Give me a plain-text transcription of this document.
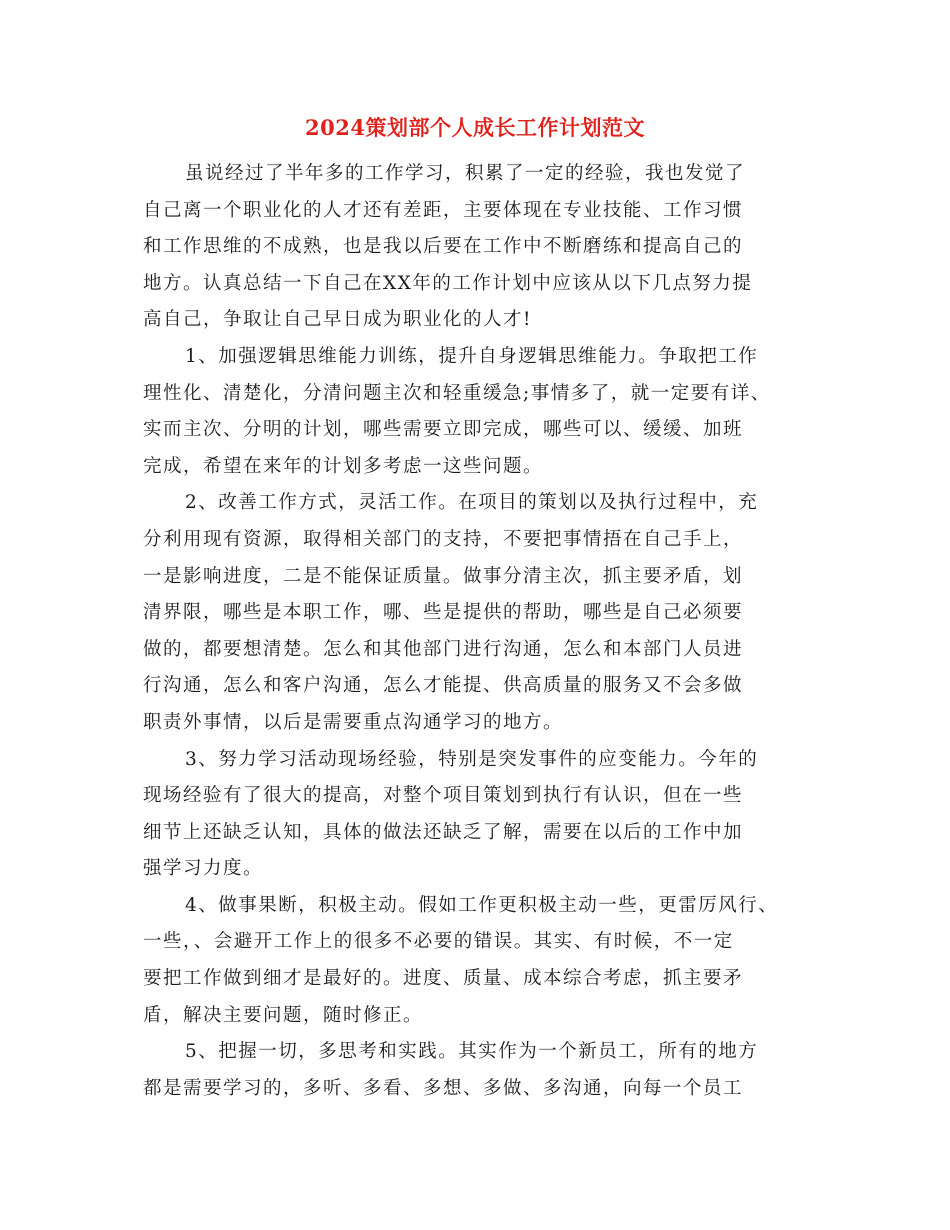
2024策划部个人成长工作计划范文
虽说经过了半年多的工作学习，积累了一定的经验，我也发觉了
自己离一个职业化的人才还有差距，主要体现在专业技能、工作习惯
和工作思维的不成熟，也是我以后要在工作中不断磨练和提高自己的
地方。认真总结一下自己在XX年的工作计划中应该从以下几点努力提
高自己，争取让自己早日成为职业化的人才!
1、加强逻辑思维能力训练，提升自身逻辑思维能力。争取把工作
理性化、清楚化，分清问题主次和轻重缓急;事情多了，就一定要有详、
实而主次、分明的计划，哪些需要立即完成，哪些可以、缓缓、加班
完成，希望在来年的计划多考虑一这些问题。
2、改善工作方式，灵活工作。在项目的策划以及执行过程中，充
分利用现有资源，取得相关部门的支持，不要把事情捂在自己手上，
一是影响进度，二是不能保证质量。做事分清主次，抓主要矛盾，划
清界限，哪些是本职工作，哪、些是提供的帮助，哪些是自己必须要
做的，都要想清楚。怎么和其他部门进行沟通，怎么和本部门人员进
行沟通，怎么和客户沟通，怎么才能提、供高质量的服务又不会多做
职责外事情，以后是需要重点沟通学习的地方。
3、努力学习活动现场经验，特别是突发事件的应变能力。今年的
现场经验有了很大的提高，对整个项目策划到执行有认识，但在一些
细节上还缺乏认知，具体的做法还缺乏了解，需要在以后的工作中加
强学习力度。
4、做事果断，积极主动。假如工作更积极主动一些，更雷厉风行、
一些，、会避开工作上的很多不必要的错误。其实、有时候，不一定
要把工作做到细才是最好的。进度、质量、成本综合考虑，抓主要矛
盾，解决主要问题，随时修正。
5、把握一切，多思考和实践。其实作为一个新员工，所有的地方
都是需要学习的，多听、多看、多想、多做、多沟通，向每一个员工
